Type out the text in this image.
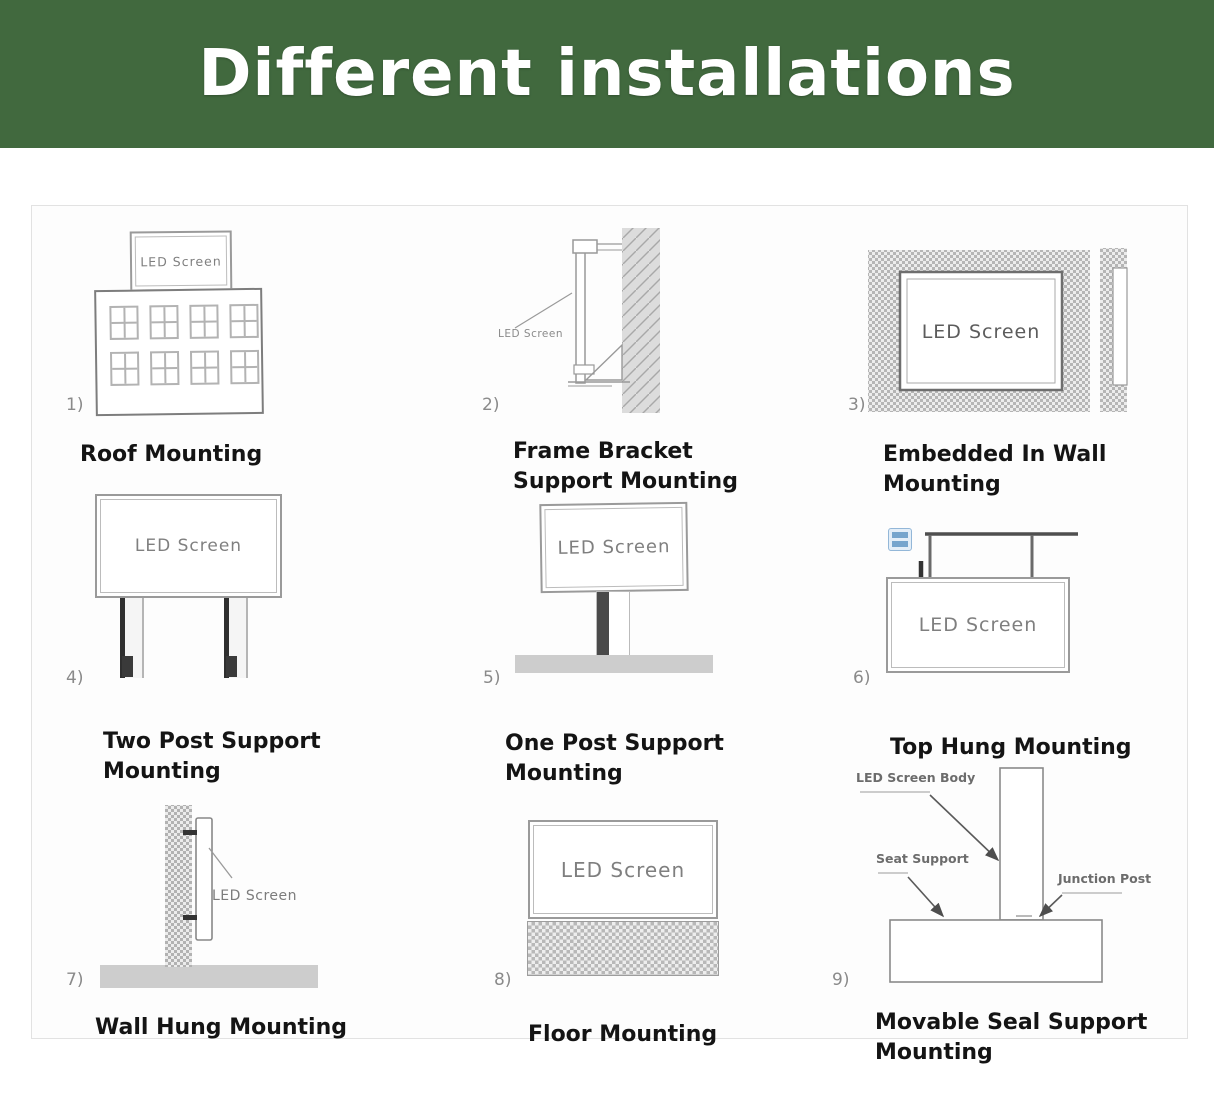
Different installations
LED Screen
1)
Roof Mounting
LED Screen
2)
Frame Bracket Support Mounting
LED Screen
3)
Embedded In Wall Mounting
LED Screen
4)
Two Post Support Mounting
LED Screen
5)
One Post Support Mounting
LED Screen
6)
Top Hung Mounting
LED Screen
7)
Wall Hung Mounting
LED Screen
8)
Floor Mounting
LED Screen Body
Seat Support
Junction Post
9)
Movable Seal Support Mounting
